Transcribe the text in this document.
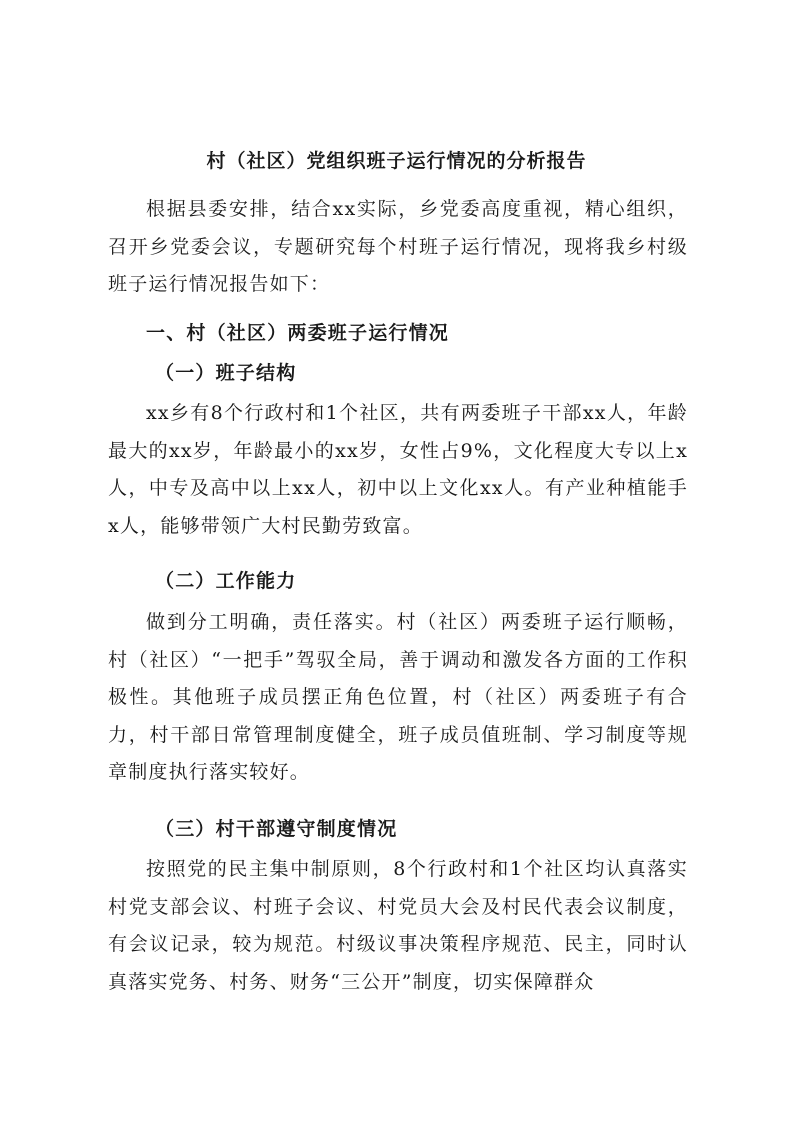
村（社区）党组织班子运行情况的分析报告

根据县委安排，结合xx实际，乡党委高度重视，精心组织，召开乡党委会议，专题研究每个村班子运行情况，现将我乡村级班子运行情况报告如下：

一、村（社区）两委班子运行情况
（一）班子结构

xx乡有8个行政村和1个社区，共有两委班子干部xx人，年龄最大的xx岁，年龄最小的xx岁，女性占9%，文化程度大专以上x人，中专及高中以上xx人，初中以上文化xx人。有产业种植能手x人，能够带领广大村民勤劳致富。

（二）工作能力

做到分工明确，责任落实。村（社区）两委班子运行顺畅，村（社区）“一把手”驾驭全局，善于调动和激发各方面的工作积极性。其他班子成员摆正角色位置，村（社区）两委班子有合力，村干部日常管理制度健全，班子成员值班制、学习制度等规章制度执行落实较好。

（三）村干部遵守制度情况

按照党的民主集中制原则，8个行政村和1个社区均认真落实村党支部会议、村班子会议、村党员大会及村民代表会议制度，有会议记录，较为规范。村级议事决策程序规范、民主，同时认真落实党务、村务、财务“三公开”制度，切实保障群众
